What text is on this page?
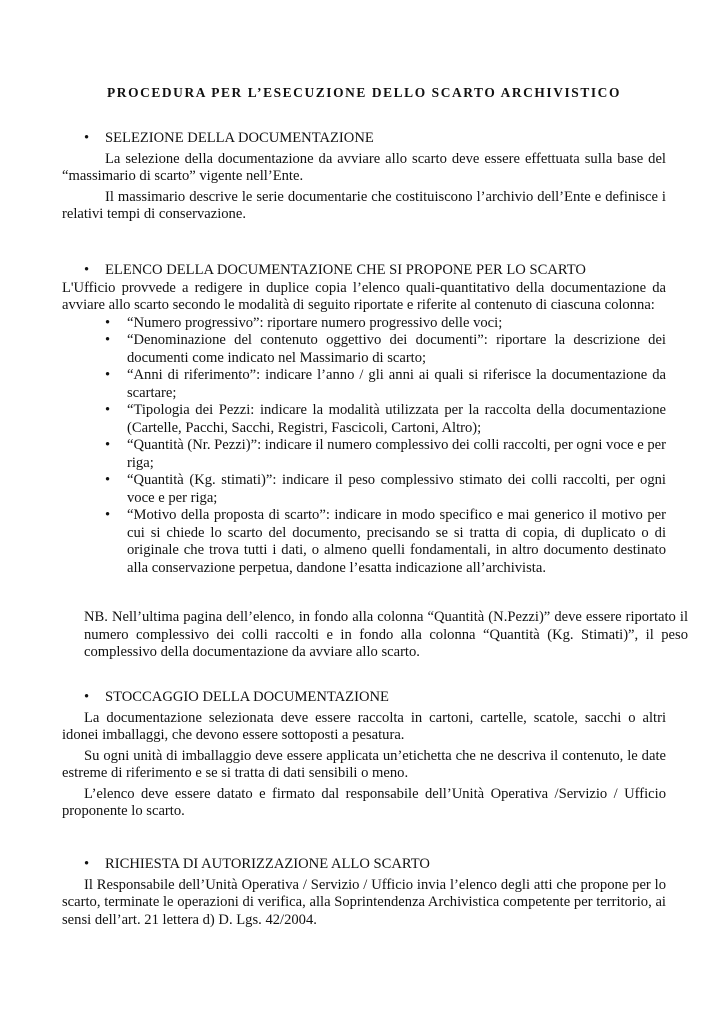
PROCEDURA PER L’ESECUZIONE DELLO SCARTO ARCHIVISTICO
• SELEZIONE DELLA DOCUMENTAZIONE

La selezione della documentazione da avviare allo scarto deve essere effettuata sulla base del “massimario di scarto” vigente nell’Ente.

Il massimario descrive le serie documentarie che costituiscono l’archivio dell’Ente e definisce i relativi tempi di conservazione.

• ELENCO DELLA DOCUMENTAZIONE CHE SI PROPONE PER LO SCARTO

L'Ufficio provvede a redigere in duplice copia l’elenco quali-quantitativo della documentazione da avviare allo scarto secondo le modalità di seguito riportate e riferite al contenuto di ciascuna colonna:

• “Numero progressivo”: riportare numero progressivo delle voci;
• “Denominazione del contenuto oggettivo dei documenti”: riportare la descrizione dei documenti come indicato nel Massimario di scarto;
• “Anni di riferimento”: indicare l’anno / gli anni ai quali si riferisce la documentazione da scartare;
• “Tipologia dei Pezzi: indicare la modalità utilizzata per la raccolta della documentazione (Cartelle, Pacchi, Sacchi, Registri, Fascicoli, Cartoni, Altro);
• “Quantità (Nr. Pezzi)”: indicare il numero complessivo dei colli raccolti, per ogni voce e per riga;
• “Quantità (Kg. stimati)”: indicare il peso complessivo stimato dei colli raccolti, per ogni voce e per riga;
• “Motivo della proposta di scarto”: indicare in modo specifico e mai generico il motivo per cui si chiede lo scarto del documento, precisando se si tratta di copia, di duplicato o di originale che trova tutti i dati, o almeno quelli fondamentali, in altro documento destinato alla conservazione perpetua, dandone l’esatta indicazione all’archivista.

NB. Nell’ultima pagina dell’elenco, in fondo alla colonna “Quantità (N.Pezzi)” deve essere riportato il numero complessivo dei colli raccolti e in fondo alla colonna “Quantità (Kg. Stimati)”, il peso complessivo della documentazione da avviare allo scarto.

• STOCCAGGIO DELLA DOCUMENTAZIONE

La documentazione selezionata deve essere raccolta in cartoni, cartelle, scatole, sacchi o altri idonei imballaggi, che devono essere sottoposti a pesatura.

Su ogni unità di imballaggio deve essere applicata un’etichetta che ne descriva il contenuto, le date estreme di riferimento e se si tratta di dati sensibili o meno.

L’elenco deve essere datato e firmato dal responsabile dell’Unità Operativa /Servizio / Ufficio proponente lo scarto.

• RICHIESTA DI AUTORIZZAZIONE ALLO SCARTO

Il Responsabile dell’Unità Operativa / Servizio / Ufficio invia l’elenco degli atti che propone per lo scarto, terminate le operazioni di verifica, alla Soprintendenza Archivistica competente per territorio, ai sensi dell’art. 21 lettera d) D. Lgs. 42/2004.
